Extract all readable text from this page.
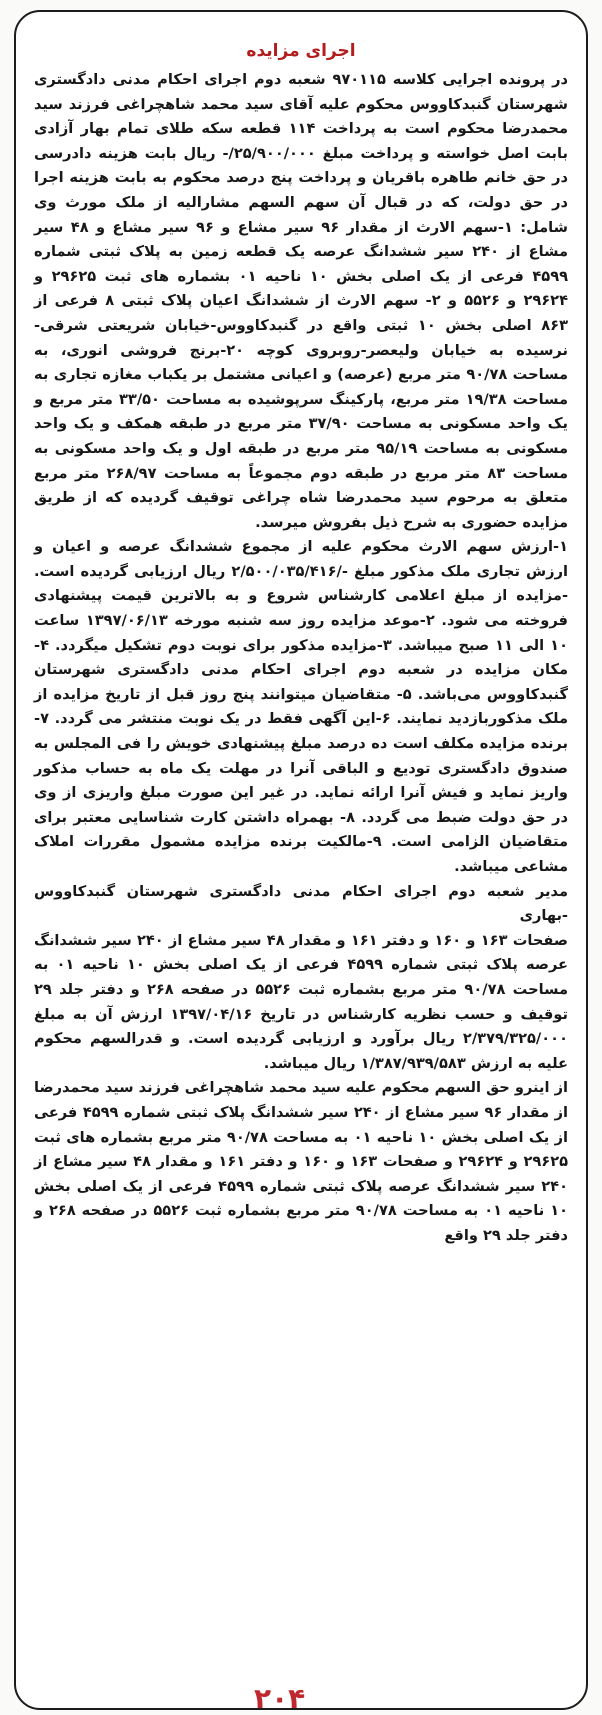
اجرای مزایده

در پرونده اجرایی کلاسه ۹۷۰۱۱۵ شعبه دوم اجرای احکام مدنی دادگستری شهرستان گنبدکاووس محکوم علیه آقای سید محمد شاهچراغی فرزند سید محمدرضا محکوم است به پرداخت ۱۱۴ قطعه سکه طلای تمام بهار آزادی بابت اصل خواسته و پرداخت مبلغ ۲۵/۹۰۰/۰۰۰/- ریال بابت هزینه دادرسی در حق خانم طاهره باقریان و پرداخت پنج درصد محکوم به بابت هزینه اجرا در حق دولت، که در قبال آن سهم السهم مشارالیه از ملک مورث وی شامل: ۱-سهم الارث از مقدار ۹۶ سیر مشاع و ۹۶ سیر مشاع و ۴۸ سیر مشاع از ۲۴۰ سیر ششدانگ عرصه یک قطعه زمین به پلاک ثبتی شماره ۴۵۹۹ فرعی از یک اصلی بخش ۱۰ ناحیه ۰۱ بشماره های ثبت ۲۹۶۲۵ و ۲۹۶۲۴ و ۵۵۲۶ و ۲- سهم الارث از ششدانگ اعیان پلاک ثبتی ۸ فرعی از ۸۶۳ اصلی بخش ۱۰ ثبتی واقع در گنبدکاووس-خیابان شریعتی شرقی-نرسیده به خیابان ولیعصر-روبروی کوچه ۲۰-برنج فروشی انوری، به مساحت ۹۰/۷۸ متر مربع (عرصه) و اعیانی مشتمل بر یکباب مغازه تجاری به مساحت ۱۹/۳۸ متر مربع، پارکینگ سرپوشیده به مساحت ۳۳/۵۰ متر مربع و یک واحد مسکونی به مساحت ۳۷/۹۰ متر مربع در طبقه همکف و یک واحد مسکونی به مساحت ۹۵/۱۹ متر مربع در طبقه اول و یک واحد مسکونی به مساحت ۸۳ متر مربع در طبقه دوم مجموعاً به مساحت ۲۶۸/۹۷ متر مربع متعلق به مرحوم سید محمدرضا شاه چراغی توقیف گردیده که از طریق مزایده حضوری به شرح ذیل بفروش میرسد.

۱-ارزش سهم الارث محکوم علیه از مجموع ششدانگ عرصه و اعیان و ارزش تجاری ملک مذکور مبلغ -/۲/۵۰۰/۰۳۵/۴۱۶ ریال ارزیابی گردیده است. -مزایده از مبلغ اعلامی کارشناس شروع و به بالاترین قیمت پیشنهادی فروخته می شود. ۲-موعد مزایده روز سه شنبه مورخه ۱۳۹۷/۰۶/۱۳ ساعت ۱۰ الی ۱۱ صبح میباشد. ۳-مزایده مذکور برای نوبت دوم تشکیل میگردد. ۴-مکان مزایده در شعبه دوم اجرای احکام مدنی دادگستری شهرستان گنبدکاووس می‌باشد. ۵- متقاضیان میتوانند پنج روز قبل از تاریخ مزایده از ملک مذکوربازدید نمایند. ۶-این آگهی فقط در یک نوبت منتشر می گردد. ۷-برنده مزایده مکلف است ده درصد مبلغ پیشنهادی خویش را فی المجلس به صندوق دادگستری تودیع و الباقی آنرا در مهلت یک ماه به حساب مذکور واریز نماید و فیش آنرا ارائه نماید. در غیر این صورت مبلغ واریزی از وی در حق دولت ضبط می گردد. ۸- بهمراه داشتن کارت شناسایی معتبر برای متقاضیان الزامی است. ۹-مالکیت برنده مزایده مشمول مقررات املاک مشاعی میباشد.

مدیر شعبه دوم اجرای احکام مدنی دادگستری شهرستان گنبدکاووس -بهاری

صفحات ۱۶۳ و ۱۶۰ و دفتر ۱۶۱ و مقدار ۴۸ سیر مشاع از ۲۴۰ سیر ششدانگ عرصه پلاک ثبتی شماره ۴۵۹۹ فرعی از یک اصلی بخش ۱۰ ناحیه ۰۱ به مساحت ۹۰/۷۸ متر مربع بشماره ثبت ۵۵۲۶ در صفحه ۲۶۸ و دفتر جلد ۲۹ توقیف و حسب نظریه کارشناس در تاریخ ۱۳۹۷/۰۴/۱۶ ارزش آن به مبلغ ۲/۳۷۹/۳۲۵/۰۰۰ ریال برآورد و ارزیابی گردیده است. و قدرالسهم محکوم علیه به ارزش ۱/۳۸۷/۹۳۹/۵۸۳ ریال میباشد.

از اینرو حق السهم محکوم علیه سید محمد شاهچراغی فرزند سید محمدرضا از مقدار ۹۶ سیر مشاع از ۲۴۰ سیر ششدانگ پلاک ثبتی شماره ۴۵۹۹ فرعی از یک اصلی بخش ۱۰ ناحیه ۰۱ به مساحت ۹۰/۷۸ متر مربع بشماره های ثبت ۲۹۶۲۵ و ۲۹۶۲۴ و صفحات ۱۶۳ و ۱۶۰ و دفتر ۱۶۱ و مقدار ۴۸ سیر مشاع از ۲۴۰ سیر ششدانگ عرصه پلاک ثبتی شماره ۴۵۹۹ فرعی از یک اصلی بخش ۱۰ ناحیه ۰۱ به مساحت ۹۰/۷۸ متر مربع بشماره ثبت ۵۵۲۶ در صفحه ۲۶۸ و دفتر جلد ۲۹ واقع

۲۰۴
